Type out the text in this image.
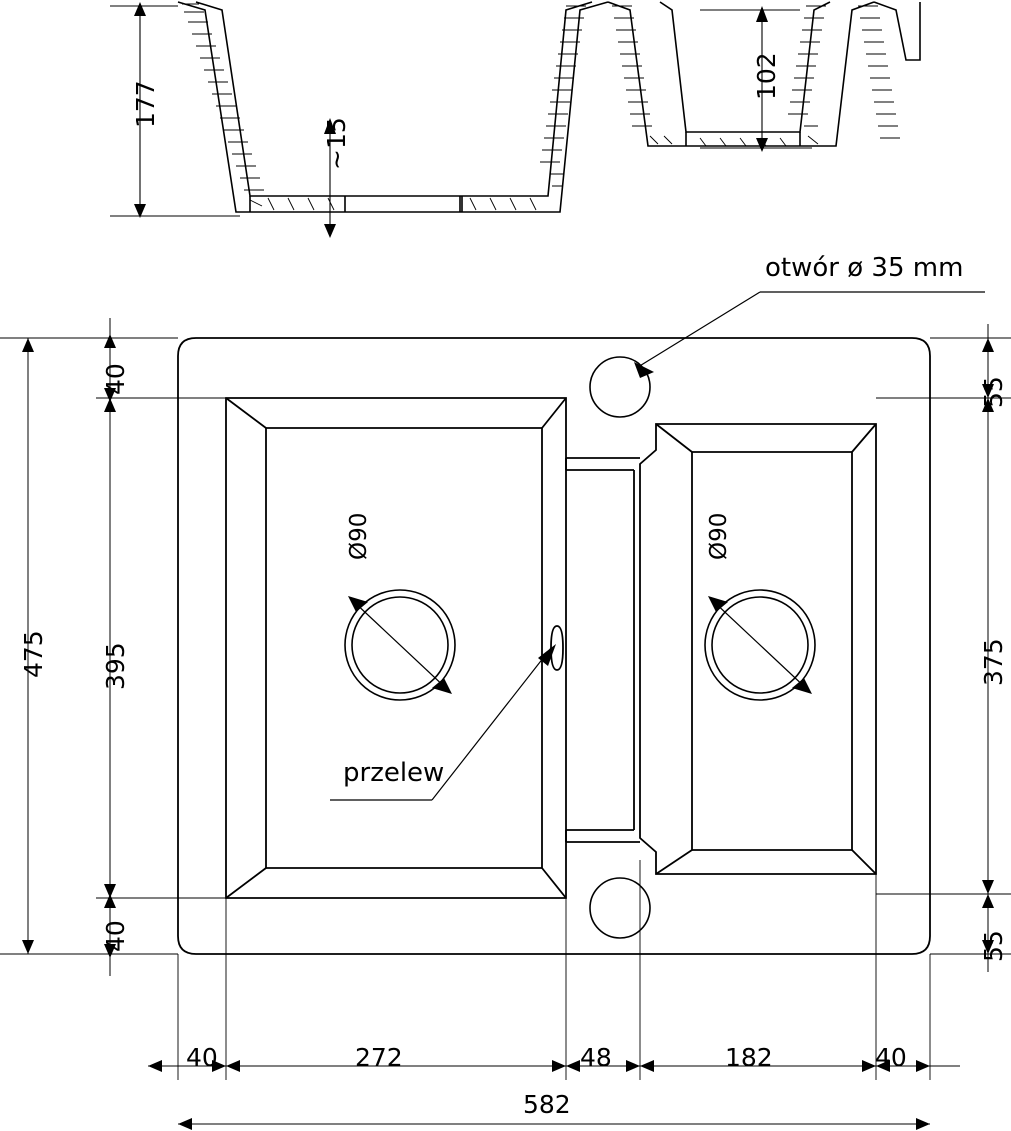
177
~15
102
otwór ø 35 mm
przelew
Ø90	Ø90
40
395
40
475
55
375
55
40	272	48	182	40
582
